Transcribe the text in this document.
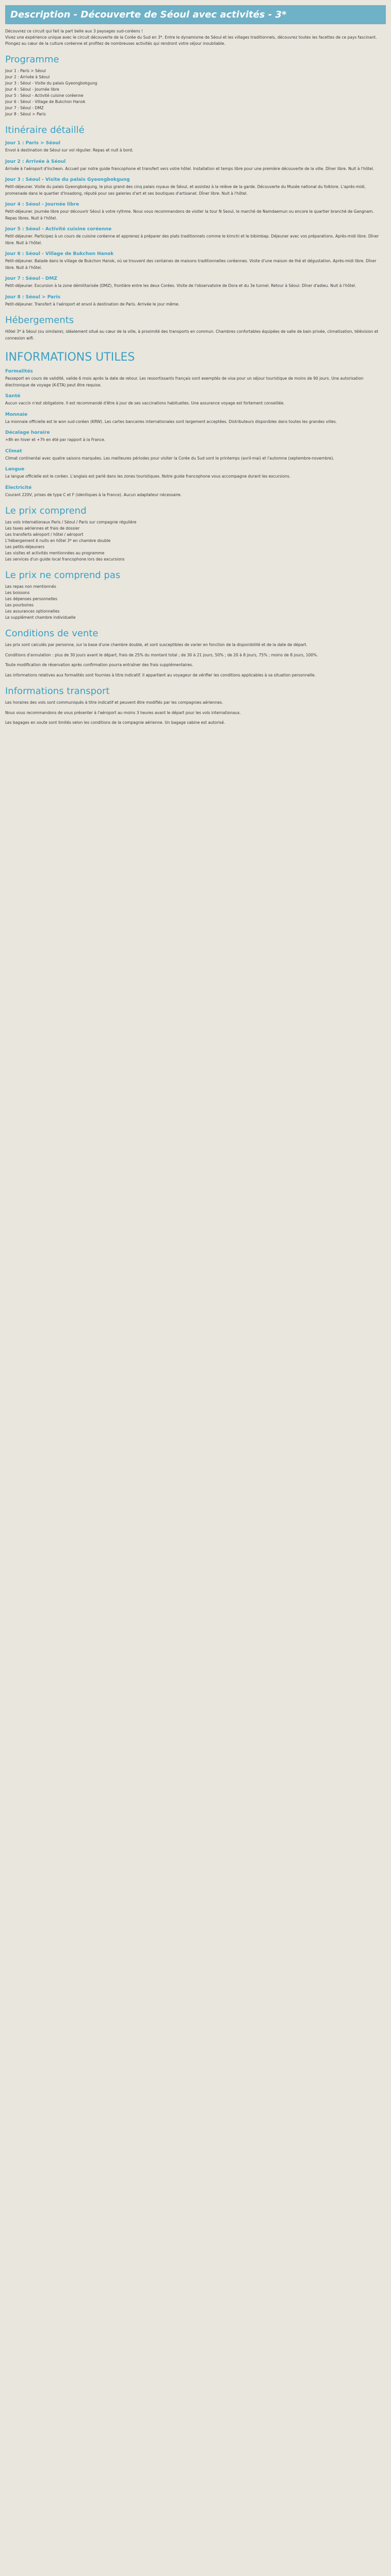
Description - Découverte de Séoul avec activités - 3*

Découvrez ce circuit qui fait la part belle aux 3 paysages sud-coréens !

Vivez une expérience unique avec le circuit découverte de la Corée du Sud en 3*. Entre le dynamisme de Séoul et les villages traditionnels, découvrez toutes les facettes de ce pays fascinant.

Plongez au cœur de la culture coréenne et profitez de nombreuses activités qui rendront votre séjour inoubliable.

Programme
Jour 1 : Paris > Séoul
Jour 2 : Arrivée à Séoul
Jour 3 : Séoul - Visite du palais Gyeongbokgung
Jour 4 : Séoul - Journée libre
Jour 5 : Séoul - Activité cuisine coréenne
Jour 6 : Séoul - Village de Bukchon Hanok
Jour 7 : Séoul - DMZ
Jour 8 : Séoul > Paris
Itinéraire détaillé
Jour 1 : Paris > Séoul
Envol à destination de Séoul sur vol régulier. Repas et nuit à bord.
Jour 2 : Arrivée à Séoul
Arrivée à l'aéroport d'Incheon. Accueil par notre guide francophone et transfert vers votre hôtel. Installation et temps libre pour une première découverte de la ville. Dîner libre. Nuit à l'hôtel.
Jour 3 : Séoul - Visite du palais Gyeongbokgung
Petit-déjeuner. Visite du palais Gyeongbokgung, le plus grand des cinq palais royaux de Séoul, et assistez à la relève de la garde. Découverte du Musée national du folklore. L'après-midi, promenade dans le quartier d'Insadong, réputé pour ses galeries d'art et ses boutiques d'artisanat. Dîner libre. Nuit à l'hôtel.
Jour 4 : Séoul - Journée libre
Petit-déjeuner. Journée libre pour découvrir Séoul à votre rythme. Nous vous recommandons de visiter la tour N Seoul, le marché de Namdaemun ou encore le quartier branché de Gangnam. Repas libres. Nuit à l'hôtel.
Jour 5 : Séoul - Activité cuisine coréenne
Petit-déjeuner. Participez à un cours de cuisine coréenne et apprenez à préparer des plats traditionnels comme le kimchi et le bibimbap. Déjeuner avec vos préparations. Après-midi libre. Dîner libre. Nuit à l'hôtel.
Jour 6 : Séoul - Village de Bukchon Hanok
Petit-déjeuner. Balade dans le village de Bukchon Hanok, où se trouvent des centaines de maisons traditionnelles coréennes. Visite d'une maison de thé et dégustation. Après-midi libre. Dîner libre. Nuit à l'hôtel.
Jour 7 : Séoul - DMZ
Petit-déjeuner. Excursion à la zone démilitarisée (DMZ), frontière entre les deux Corées. Visite de l'observatoire de Dora et du 3e tunnel. Retour à Séoul. Dîner d'adieu. Nuit à l'hôtel.
Jour 8 : Séoul > Paris
Petit-déjeuner. Transfert à l'aéroport et envol à destination de Paris. Arrivée le jour même.
Hébergements
Hôtel 3* à Séoul (ou similaire), idéalement situé au cœur de la ville, à proximité des transports en commun. Chambres confortables équipées de salle de bain privée, climatisation, télévision et connexion wifi.
INFORMATIONS UTILES
Formalités
Passeport en cours de validité, valide 6 mois après la date de retour. Les ressortissants français sont exemptés de visa pour un séjour touristique de moins de 90 jours. Une autorisation électronique de voyage (K-ETA) peut être requise.
Santé
Aucun vaccin n'est obligatoire. Il est recommandé d'être à jour de ses vaccinations habituelles. Une assurance voyage est fortement conseillée.
Monnaie
La monnaie officielle est le won sud-coréen (KRW). Les cartes bancaires internationales sont largement acceptées. Distributeurs disponibles dans toutes les grandes villes.
Décalage horaire
+8h en hiver et +7h en été par rapport à la France.
Climat
Climat continental avec quatre saisons marquées. Les meilleures périodes pour visiter la Corée du Sud sont le printemps (avril-mai) et l'automne (septembre-novembre).
Langue
La langue officielle est le coréen. L'anglais est parlé dans les zones touristiques. Notre guide francophone vous accompagne durant les excursions.
Électricité
Courant 220V, prises de type C et F (identiques à la France). Aucun adaptateur nécessaire.
Le prix comprend
Les vols internationaux Paris / Séoul / Paris sur compagnie régulière
Les taxes aériennes et frais de dossier
Les transferts aéroport / hôtel / aéroport
L'hébergement 6 nuits en hôtel 3* en chambre double
Les petits-déjeuners
Les visites et activités mentionnées au programme
Les services d'un guide local francophone lors des excursions
Le prix ne comprend pas
Les repas non mentionnés
Les boissons
Les dépenses personnelles
Les pourboires
Les assurances optionnelles
Le supplément chambre individuelle
Conditions de vente
Les prix sont calculés par personne, sur la base d'une chambre double, et sont susceptibles de varier en fonction de la disponibilité et de la date de départ.
Conditions d'annulation : plus de 30 jours avant le départ, frais de 25% du montant total ; de 30 à 21 jours, 50% ; de 20 à 8 jours, 75% ; moins de 8 jours, 100%.
Toute modification de réservation après confirmation pourra entraîner des frais supplémentaires.
Les informations relatives aux formalités sont fournies à titre indicatif. Il appartient au voyageur de vérifier les conditions applicables à sa situation personnelle.
Informations transport
Les horaires des vols sont communiqués à titre indicatif et peuvent être modifiés par les compagnies aériennes.
Nous vous recommandons de vous présenter à l'aéroport au moins 3 heures avant le départ pour les vols internationaux.
Les bagages en soute sont limités selon les conditions de la compagnie aérienne. Un bagage cabine est autorisé.
